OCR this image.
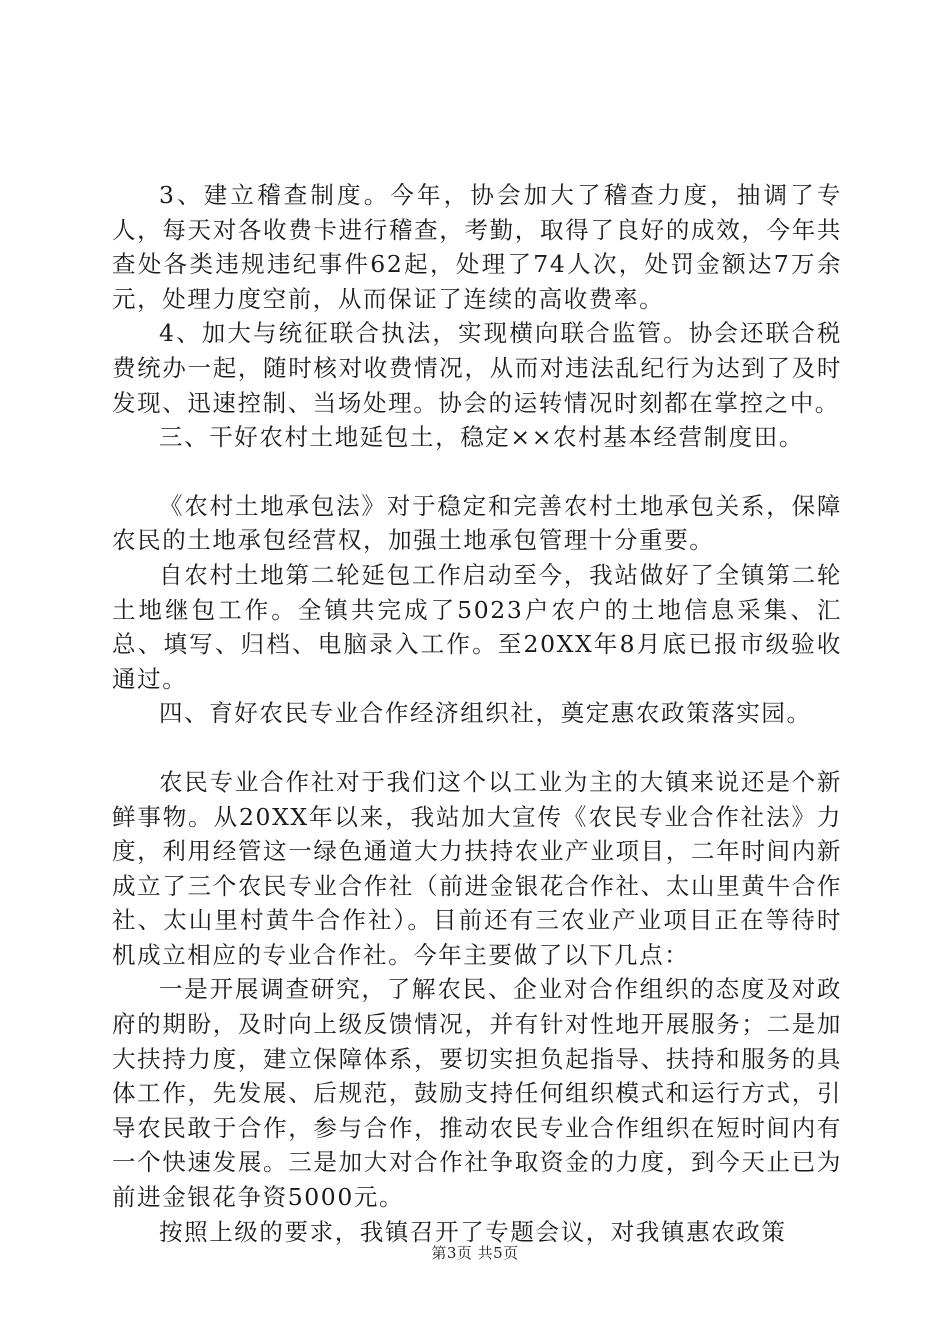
3、建立稽查制度。今年，协会加大了稽查力度，抽调了专人，每天对各收费卡进行稽查，考勤，取得了良好的成效，今年共查处各类违规违纪事件62起，处理了74人次，处罚金额达7万余元，处理力度空前，从而保证了连续的高收费率。

4、加大与统征联合执法，实现横向联合监管。协会还联合税费统办一起，随时核对收费情况，从而对违法乱纪行为达到了及时发现、迅速控制、当场处理。协会的运转情况时刻都在掌控之中。

三、干好农村土地延包土，稳定××农村基本经营制度田。

《农村土地承包法》对于稳定和完善农村土地承包关系，保障农民的土地承包经营权，加强土地承包管理十分重要。

自农村土地第二轮延包工作启动至今，我站做好了全镇第二轮土地继包工作。全镇共完成了5023户农户的土地信息采集、汇总、填写、归档、电脑录入工作。至20XX年8月底已报市级验收通过。

四、育好农民专业合作经济组织社，奠定惠农政策落实园。

农民专业合作社对于我们这个以工业为主的大镇来说还是个新鲜事物。从20XX年以来，我站加大宣传《农民专业合作社法》力度，利用经管这一绿色通道大力扶持农业产业项目，二年时间内新成立了三个农民专业合作社（前进金银花合作社、太山里黄牛合作社、太山里村黄牛合作社）。目前还有三农业产业项目正在等待时机成立相应的专业合作社。今年主要做了以下几点：

一是开展调查研究，了解农民、企业对合作组织的态度及对政府的期盼，及时向上级反馈情况，并有针对性地开展服务；二是加大扶持力度，建立保障体系，要切实担负起指导、扶持和服务的具体工作，先发展、后规范，鼓励支持任何组织模式和运行方式，引导农民敢于合作，参与合作，推动农民专业合作组织在短时间内有一个快速发展。三是加大对合作社争取资金的力度，到今天止已为前进金银花争资5000元。

按照上级的要求，我镇召开了专题会议，对我镇惠农政策

第3页 共5页
